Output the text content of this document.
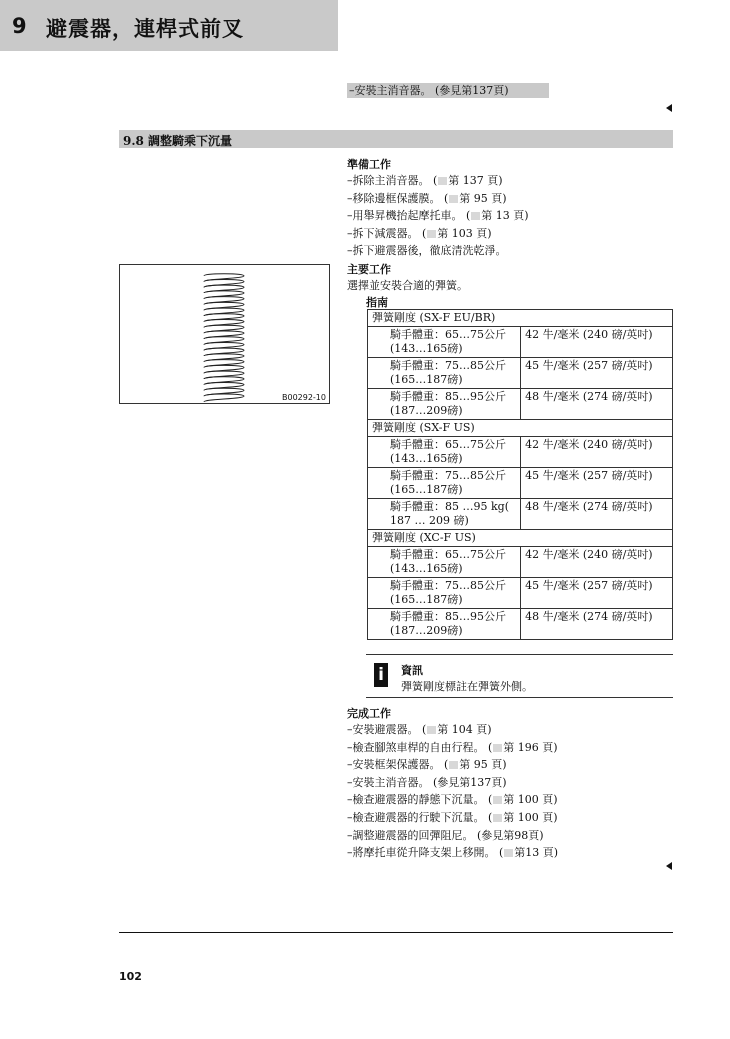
9 避震器，連桿式前叉
–安裝主消音器。 (參見第137頁)
9.8 調整騎乘下沉量
準備工作
–拆除主消音器。 ( 第 137 頁)
–移除邊框保護膜。 ( 第 95 頁)
–用舉昇機抬起摩托車。 ( 第 13 頁)
–拆下減震器。 ( 第 103 頁)
–拆下避震器後，徹底清洗乾淨。
B00292-10
主要工作
選擇並安裝合適的彈簧。
指南
彈簧剛度 (SX-F EU/BR)	

騎手體重：65…75公斤
(143…165磅)	42 牛/毫米 (240 磅/英吋)

騎手體重：75…85公斤
(165…187磅)	45 牛/毫米 (257 磅/英吋)

騎手體重：85…95公斤
(187…209磅)	48 牛/毫米 (274 磅/英吋)
彈簧剛度 (SX-F US)	

騎手體重：65…75公斤
(143…165磅)	42 牛/毫米 (240 磅/英吋)

騎手體重：75…85公斤
(165…187磅)	45 牛/毫米 (257 磅/英吋)

騎手體重：85 …95 kg(
187 … 209 磅)	48 牛/毫米 (274 磅/英吋)
彈簧剛度 (XC-F US)	

騎手體重：65…75公斤
(143…165磅)	42 牛/毫米 (240 磅/英吋)

騎手體重：75…85公斤
(165…187磅)	45 牛/毫米 (257 磅/英吋)

騎手體重：85…95公斤
(187…209磅)	48 牛/毫米 (274 磅/英吋)
i	資訊
彈簧剛度標註在彈簧外側。
完成工作
–安裝避震器。 ( 第 104 頁)
–檢查腳煞車桿的自由行程。 ( 第 196 頁)
–安裝框架保護器。 ( 第 95 頁)
–安裝主消音器。 (參見第137頁)
–檢查避震器的靜態下沉量。 ( 第 100 頁)
–檢查避震器的行駛下沉量。 ( 第 100 頁)
–調整避震器的回彈阻尼。 (參見第98頁)
–將摩托車從升降支架上移開。 ( 第13 頁)
102
